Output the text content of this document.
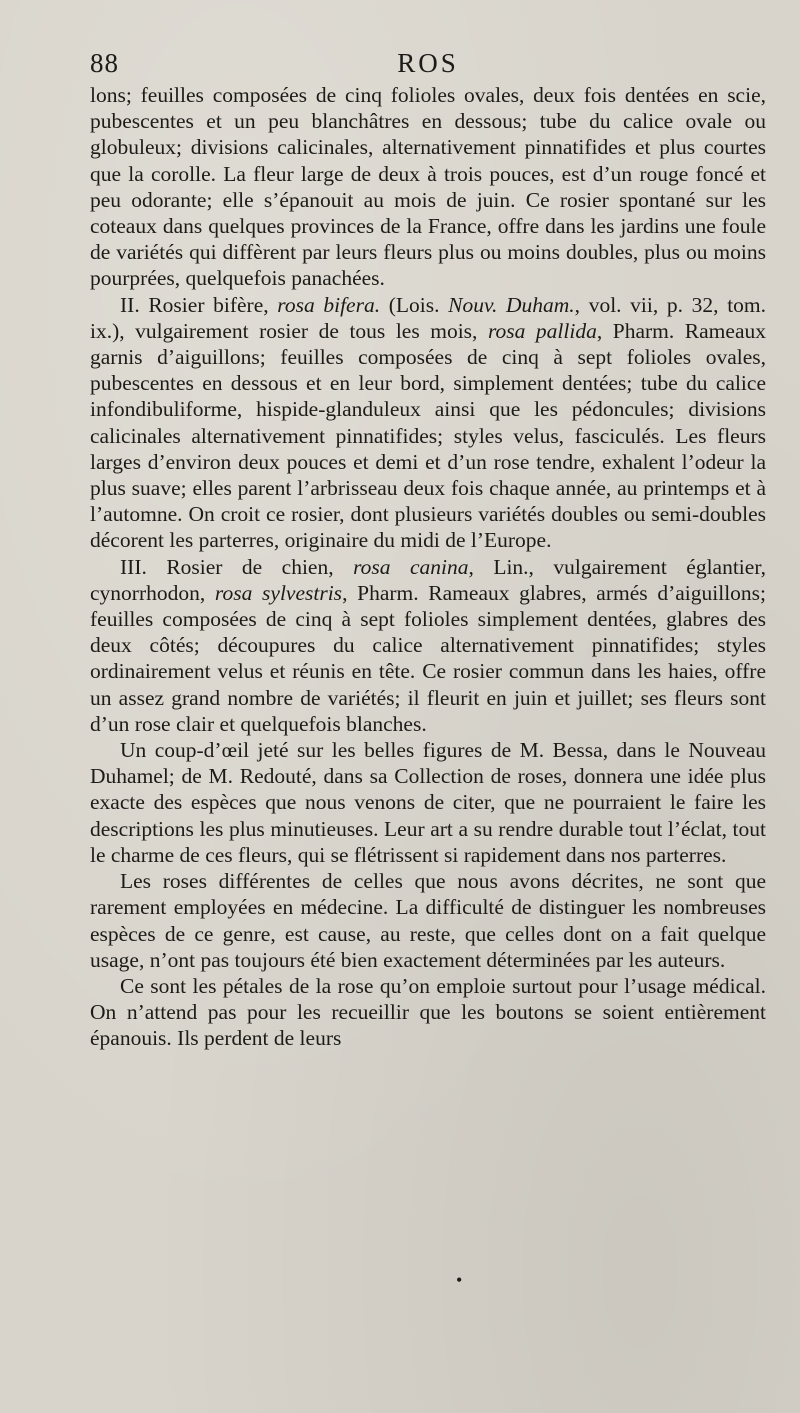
88	ROS

lons; feuilles composées de cinq folioles ovales, deux fois dentées en scie, pubescentes et un peu blanchâtres en dessous; tube du calice ovale ou globuleux; divisions calicinales, alternativement pinnatifides et plus courtes que la corolle. La fleur large de deux à trois pouces, est d’un rouge foncé et peu odorante; elle s’épanouit au mois de juin. Ce rosier spontané sur les coteaux dans quelques provinces de la France, offre dans les jardins une foule de variétés qui diffèrent par leurs fleurs plus ou moins doubles, plus ou moins pourprées, quelquefois panachées.

II. Rosier bifère, rosa bifera. (Lois. Nouv. Duham., vol. vii, p. 32, tom. ix.), vulgairement rosier de tous les mois, rosa pallida, Pharm. Rameaux garnis d’aiguillons; feuilles composées de cinq à sept folioles ovales, pubescentes en dessous et en leur bord, simplement dentées; tube du calice infondibuliforme, hispide-glanduleux ainsi que les pédoncules; divisions calicinales alternativement pinnatifides; styles velus, fasciculés. Les fleurs larges d’environ deux pouces et demi et d’un rose tendre, exhalent l’odeur la plus suave; elles parent l’arbrisseau deux fois chaque année, au printemps et à l’automne. On croit ce rosier, dont plusieurs variétés doubles ou semi-doubles décorent les parterres, originaire du midi de l’Europe.

III. Rosier de chien, rosa canina, Lin., vulgairement églantier, cynorrhodon, rosa sylvestris, Pharm. Rameaux glabres, armés d’aiguillons; feuilles composées de cinq à sept folioles simplement dentées, glabres des deux côtés; découpures du calice alternativement pinnatifides; styles ordinairement velus et réunis en tête. Ce rosier commun dans les haies, offre un assez grand nombre de variétés; il fleurit en juin et juillet; ses fleurs sont d’un rose clair et quelquefois blanches.

Un coup-d’œil jeté sur les belles figures de M. Bessa, dans le Nouveau Duhamel; de M. Redouté, dans sa Collection de roses, donnera une idée plus exacte des espèces que nous venons de citer, que ne pourraient le faire les descriptions les plus minutieuses. Leur art a su rendre durable tout l’éclat, tout le charme de ces fleurs, qui se flétrissent si rapidement dans nos parterres.

Les roses différentes de celles que nous avons décrites, ne sont que rarement employées en médecine. La difficulté de distinguer les nombreuses espèces de ce genre, est cause, au reste, que celles dont on a fait quelque usage, n’ont pas toujours été bien exactement déterminées par les auteurs.

Ce sont les pétales de la rose qu’on emploie surtout pour l’usage médical. On n’attend pas pour les recueillir que les boutons se soient entièrement épanouis. Ils perdent de leurs

•
